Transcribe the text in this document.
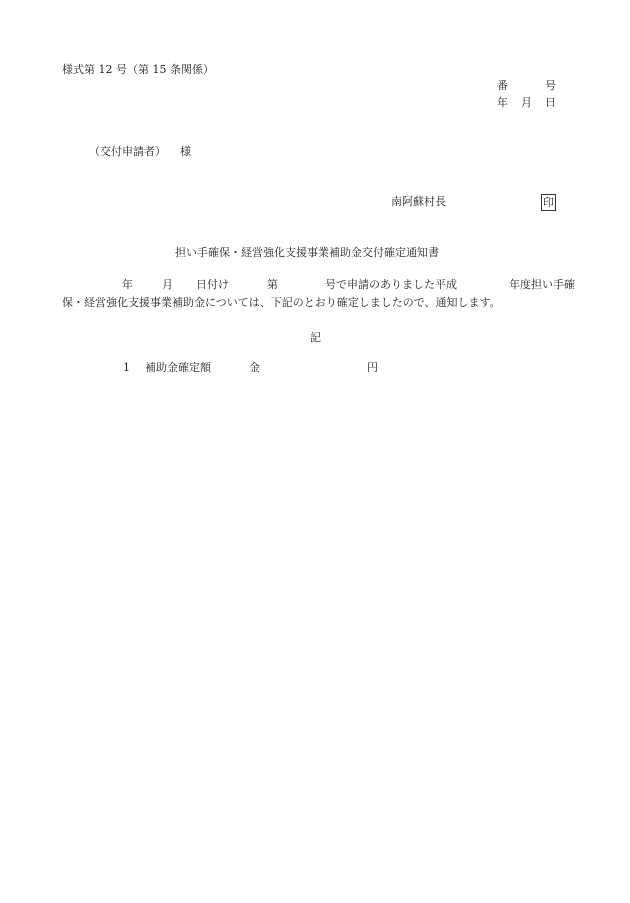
様式第 12 号（第 15 条関係）
番	号
年 月 日
（交付申請者） 様
南阿蘇村長	印
担い手確保・経営強化支援事業補助金交付確定通知書
年	月 日付け	第	号で申請のありました平成	年度担い手確
保・経営強化支援事業補助金については、下記のとおり確定しましたので、通知します。
記
1 補助金確定額	金	円
